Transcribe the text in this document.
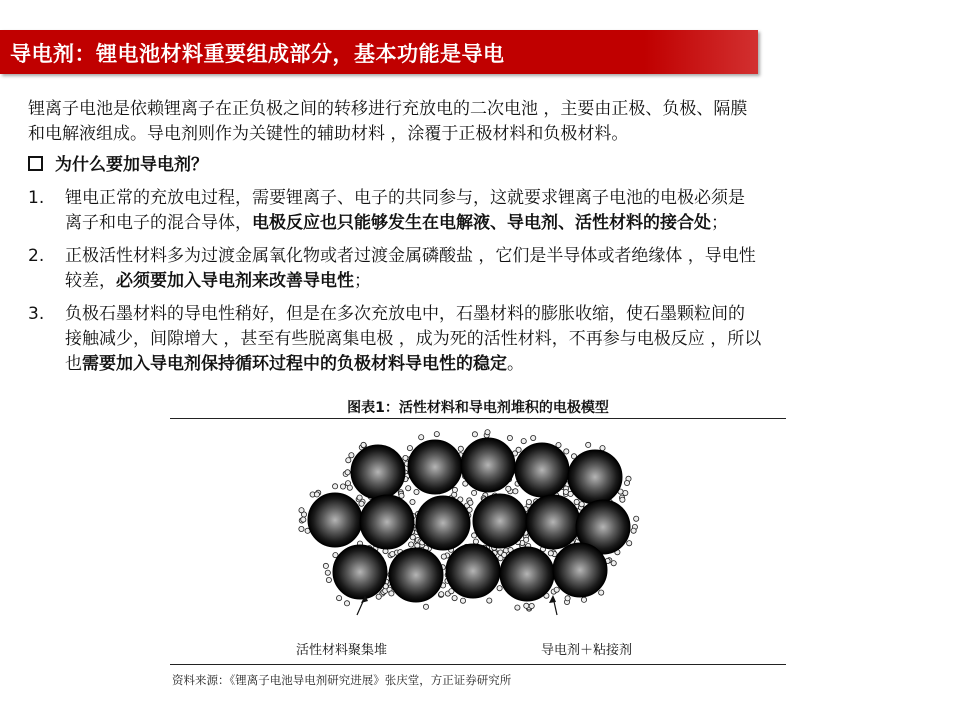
导电剂：锂电池材料重要组成部分，基本功能是导电
锂离子电池是依赖锂离子在正负极之间的转移进行充放电的二次电池 ，主要由正极、负极、隔膜
和电解液组成。导电剂则作为关键性的辅助材料 ，涂覆于正极材料和负极材料。
为什么要加导电剂？
1. 锂电正常的充放电过程，需要锂离子、电子的共同参与，这就要求锂离子电池的电极必须是
离子和电子的混合导体，电极反应也只能够发生在电解液、导电剂、活性材料的接合处；
2. 正极活性材料多为过渡金属氧化物或者过渡金属磷酸盐 ，它们是半导体或者绝缘体 ，导电性
较差，必须要加入导电剂来改善导电性；
3. 负极石墨材料的导电性稍好，但是在多次充放电中，石墨材料的膨胀收缩，使石墨颗粒间的
接触减少，间隙增大 ，甚至有些脱离集电极 ，成为死的活性材料，不再参与电极反应 ，所以
也需要加入导电剂保持循环过程中的负极材料导电性的稳定。
图表1：活性材料和导电剂堆积的电极模型
活性材料聚集堆	导电剂＋粘接剂
资料来源：《锂离子电池导电剂研究进展》张庆堂，方正证券研究所
